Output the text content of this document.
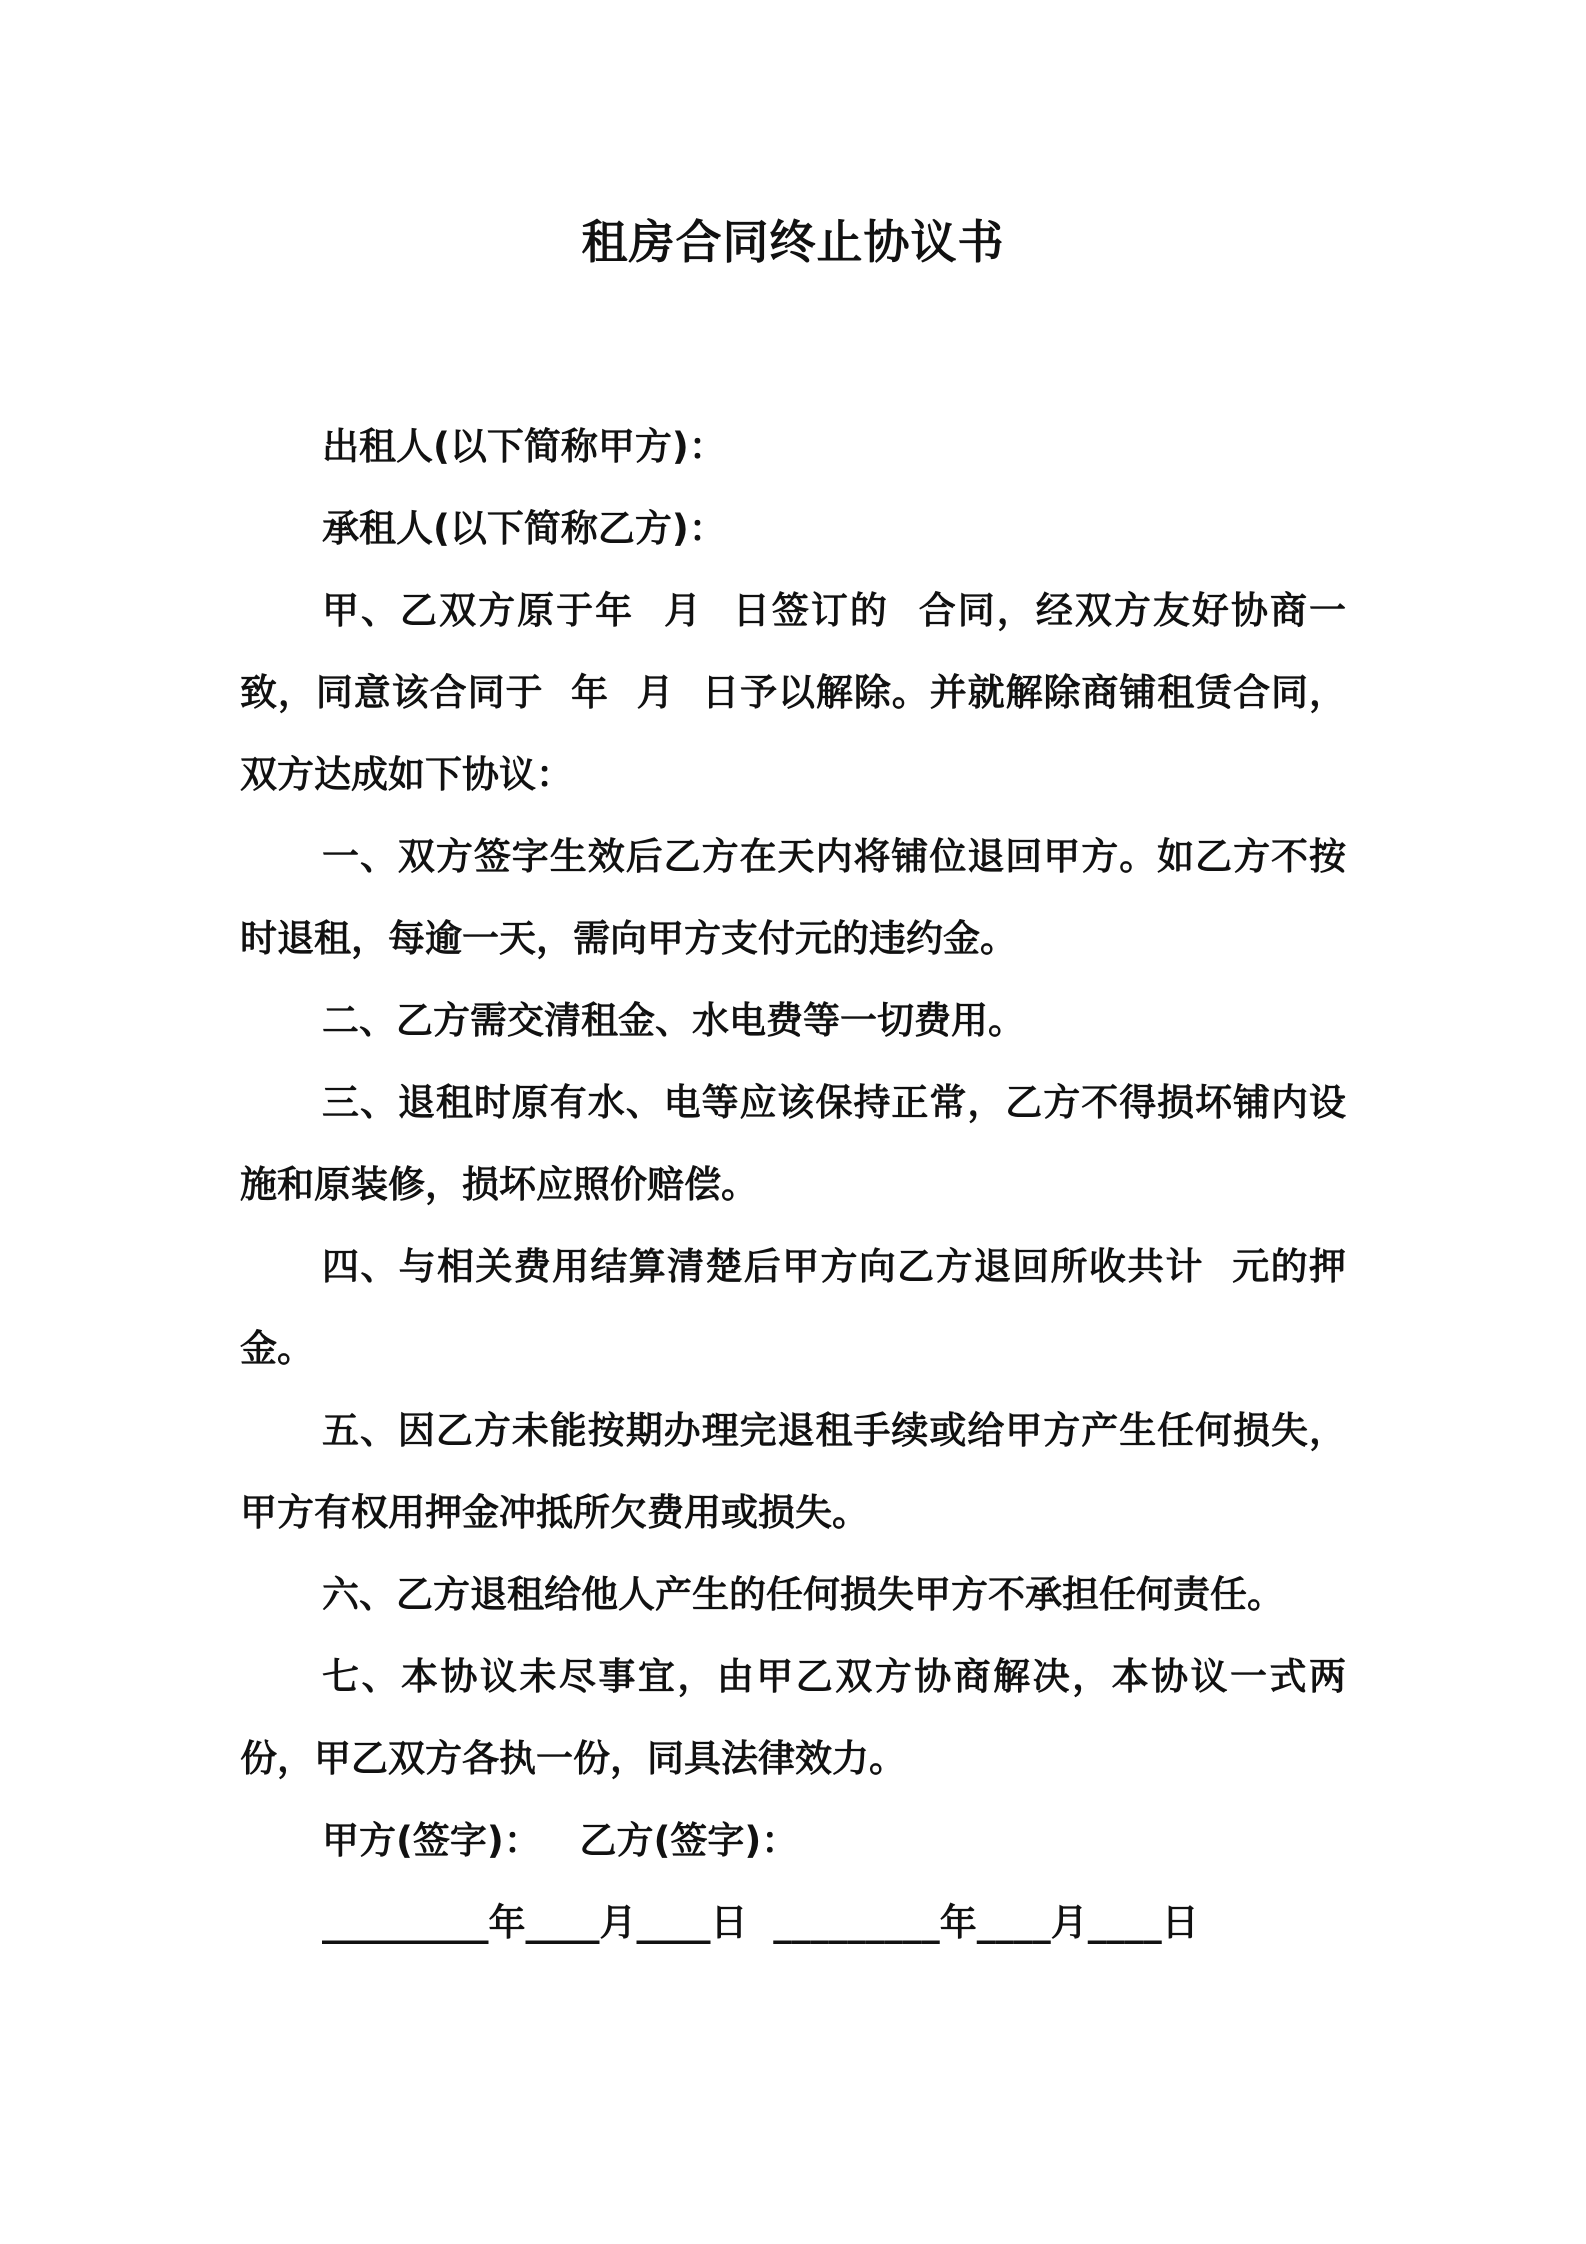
租房合同终止协议书

出租人(以下简称甲方)：

承租人(以下简称乙方)：

甲、乙双方原于年  月  日签订的  合同，经双方友好协商一致，同意该合同于  年  月  日予以解除。并就解除商铺租赁合同，双方达成如下协议：

一、双方签字生效后乙方在天内将铺位退回甲方。如乙方不按时退租，每逾一天，需向甲方支付元的违约金。

二、乙方需交清租金、水电费等一切费用。

三、退租时原有水、电等应该保持正常，乙方不得损坏铺内设施和原装修，损坏应照价赔偿。

四、与相关费用结算清楚后甲方向乙方退回所收共计  元的押金。

五、因乙方未能按期办理完退租手续或给甲方产生任何损失，甲方有权用押金冲抵所欠费用或损失。

六、乙方退租给他人产生的任何损失甲方不承担任何责任。

七、本协议未尽事宜，由甲乙双方协商解决，本协议一式两份，甲乙双方各执一份，同具法律效力。

甲方(签字)：   乙方(签字)：

_________年____月____日  _________年____月____日
